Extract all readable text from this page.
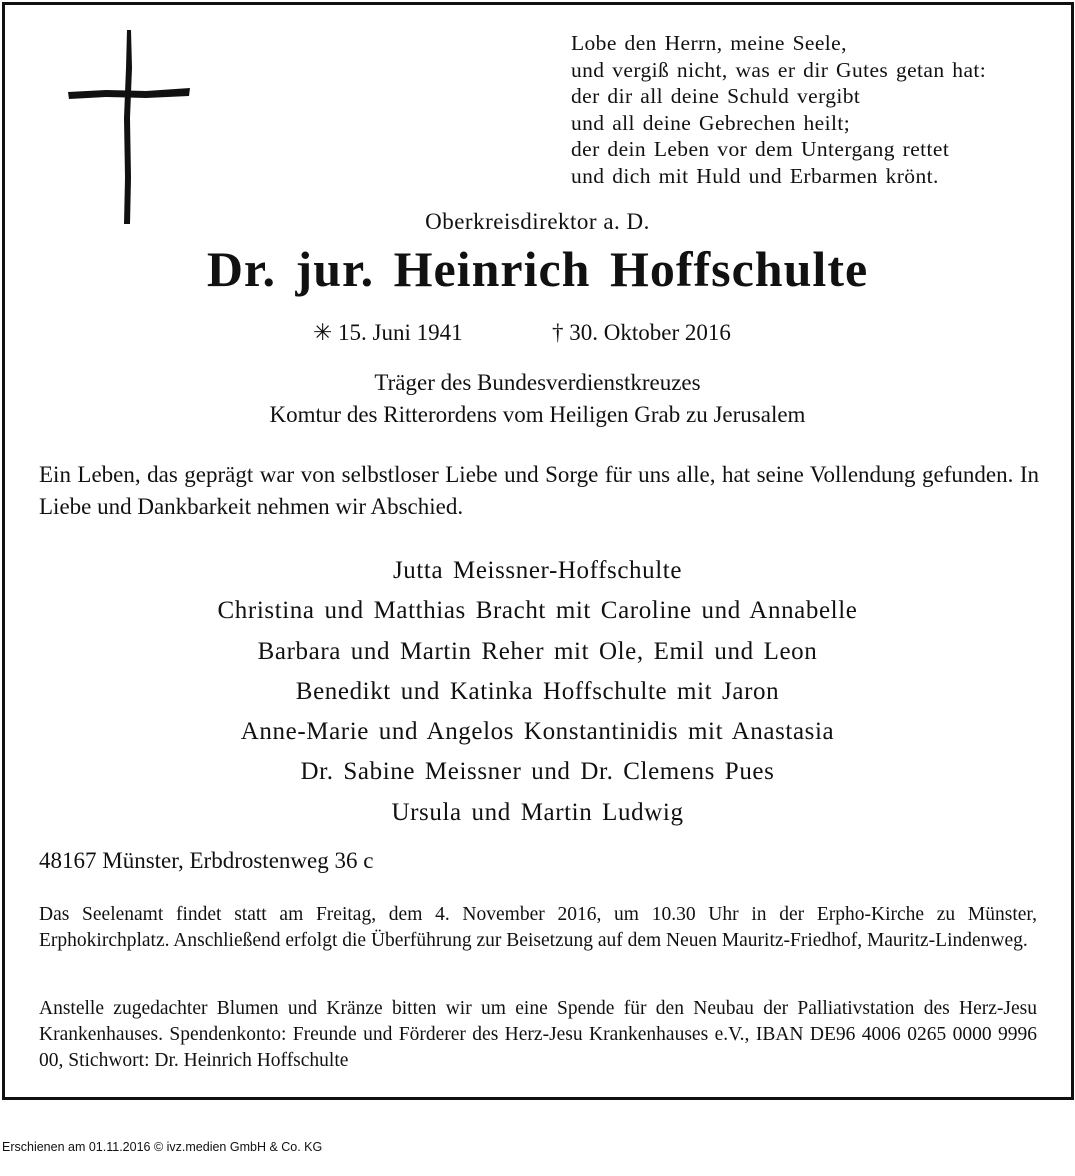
Lobe den Herrn, meine Seele,
und vergiß nicht, was er dir Gutes getan hat:
der dir all deine Schuld vergibt
und all deine Gebrechen heilt;
der dein Leben vor dem Untergang rettet
und dich mit Huld und Erbarmen krönt.
Oberkreisdirektor a. D.
Dr. jur. Heinrich Hoffschulte
✳ 15. Juni 1941	† 30. Oktober 2016
Träger des Bundesverdienstkreuzes
Komtur des Ritterordens vom Heiligen Grab zu Jerusalem
Ein Leben, das geprägt war von selbstloser Liebe und Sorge für uns alle, hat seine Vollendung gefunden. In Liebe und Dankbarkeit nehmen wir Abschied.
Jutta Meissner-Hoffschulte
Christina und Matthias Bracht mit Caroline und Annabelle
Barbara und Martin Reher mit Ole, Emil und Leon
Benedikt und Katinka Hoffschulte mit Jaron
Anne-Marie und Angelos Konstantinidis mit Anastasia
Dr. Sabine Meissner und Dr. Clemens Pues
Ursula und Martin Ludwig
48167 Münster, Erbdrostenweg 36 c
Das Seelenamt findet statt am Freitag, dem 4. November 2016, um 10.30 Uhr in der Erpho-Kirche zu Münster, Erphokirchplatz. Anschließend erfolgt die Überführung zur Beisetzung auf dem Neuen Mauritz-Friedhof, Mauritz-Lindenweg.
Anstelle zugedachter Blumen und Kränze bitten wir um eine Spende für den Neubau der Palliativstation des Herz-Jesu Krankenhauses. Spendenkonto: Freunde und Förderer des Herz-Jesu Krankenhauses e.V., IBAN DE96 4006 0265 0000 9996 00, Stichwort: Dr. Heinrich Hoffschulte
Erschienen am 01.11.2016 © ivz.medien GmbH & Co. KG
